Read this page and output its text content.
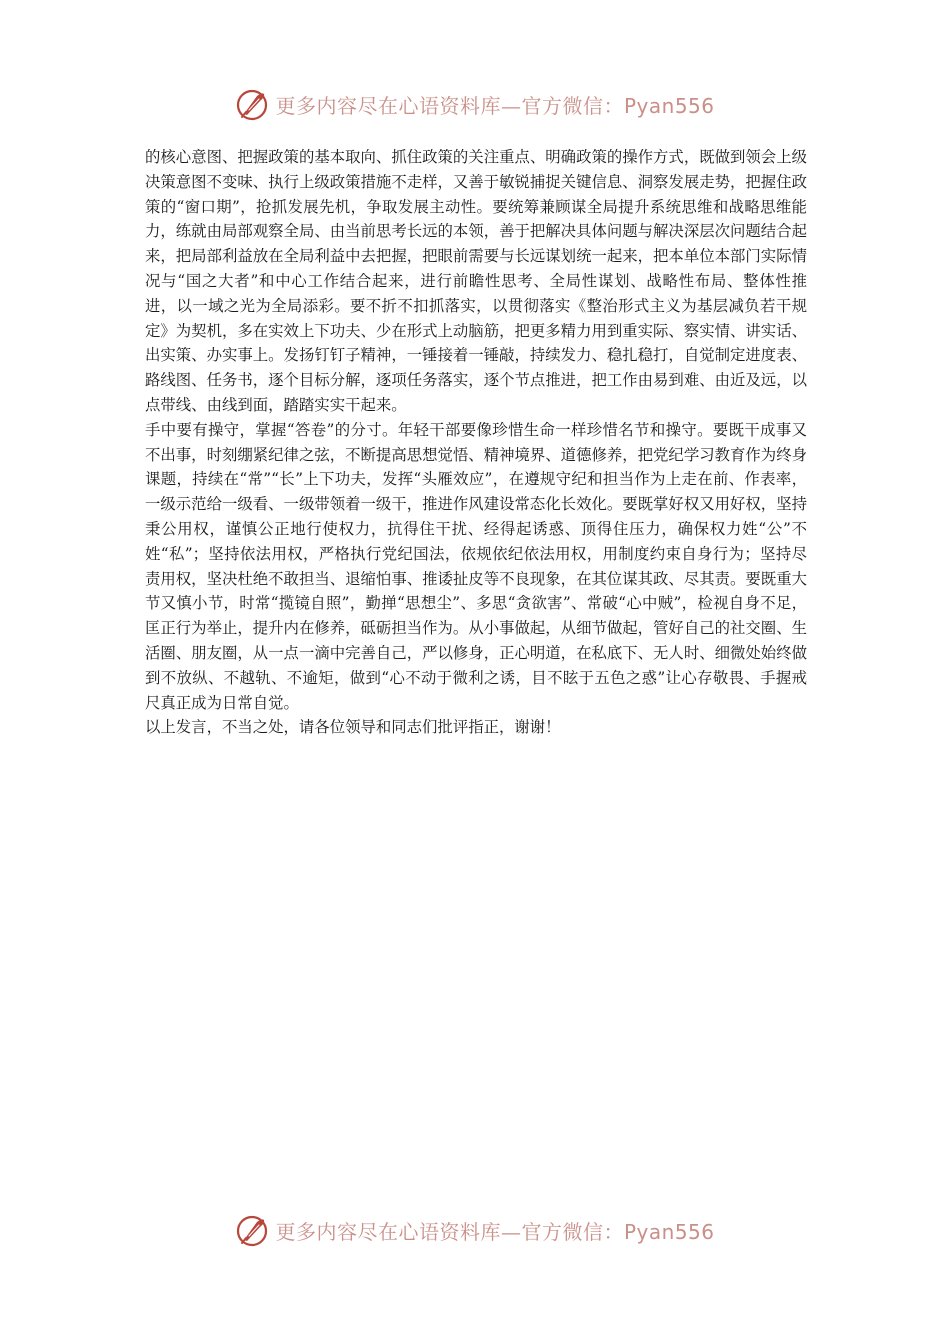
更多内容尽在心语资料库—官方微信：Pyan556

的核心意图、把握政策的基本取向、抓住政策的关注重点、明确政策的操作方式，既做到领会上级决策意图不变味、执行上级政策措施不走样，又善于敏锐捕捉关键信息、洞察发展走势，把握住政策的“窗口期”，抢抓发展先机，争取发展主动性。要统筹兼顾谋全局提升系统思维和战略思维能力，练就由局部观察全局、由当前思考长远的本领，善于把解决具体问题与解决深层次问题结合起来，把局部利益放在全局利益中去把握，把眼前需要与长远谋划统一起来，把本单位本部门实际情况与“国之大者”和中心工作结合起来，进行前瞻性思考、全局性谋划、战略性布局、整体性推进，以一域之光为全局添彩。要不折不扣抓落实，以贯彻落实《整治形式主义为基层减负若干规定》为契机，多在实效上下功夫、少在形式上动脑筋，把更多精力用到重实际、察实情、讲实话、出实策、办实事上。发扬钉钉子精神，一锤接着一锤敲，持续发力、稳扎稳打，自觉制定进度表、路线图、任务书，逐个目标分解，逐项任务落实，逐个节点推进，把工作由易到难、由近及远，以点带线、由线到面，踏踏实实干起来。

手中要有操守，掌握“答卷”的分寸。年轻干部要像珍惜生命一样珍惜名节和操守。要既干成事又不出事，时刻绷紧纪律之弦，不断提高思想觉悟、精神境界、道德修养，把党纪学习教育作为终身课题，持续在“常”“长”上下功夫，发挥“头雁效应”，在遵规守纪和担当作为上走在前、作表率，一级示范给一级看、一级带领着一级干，推进作风建设常态化长效化。要既掌好权又用好权，坚持秉公用权，谨慎公正地行使权力，抗得住干扰、经得起诱惑、顶得住压力，确保权力姓“公”不姓“私”；坚持依法用权，严格执行党纪国法，依规依纪依法用权，用制度约束自身行为；坚持尽责用权，坚决杜绝不敢担当、退缩怕事、推诿扯皮等不良现象，在其位谋其政、尽其责。要既重大节又慎小节，时常“揽镜自照”，勤掸“思想尘”、多思“贪欲害”、常破“心中贼”，检视自身不足，匡正行为举止，提升内在修养，砥砺担当作为。从小事做起，从细节做起，管好自己的社交圈、生活圈、朋友圈，从一点一滴中完善自己，严以修身，正心明道，在私底下、无人时、细微处始终做到不放纵、不越轨、不逾矩，做到“心不动于微利之诱，目不眩于五色之惑”让心存敬畏、手握戒尺真正成为日常自觉。

以上发言，不当之处，请各位领导和同志们批评指正，谢谢！

更多内容尽在心语资料库—官方微信：Pyan556
